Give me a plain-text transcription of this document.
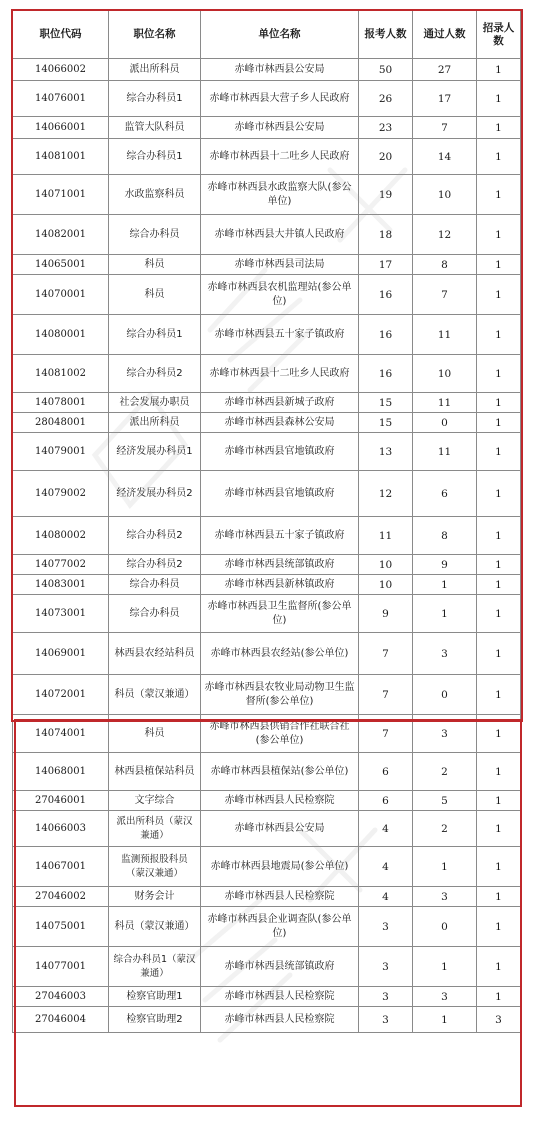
职位代码	职位名称	单位名称	报考人数	通过人数	招录人数
14066002	派出所科员	赤峰市林西县公安局	50	27	1
14076001	综合办科员1	赤峰市林西县大营子乡人民政府	26	17	1
14066001	监管大队科员	赤峰市林西县公安局	23	7	1
14081001	综合办科员1	赤峰市林西县十二吐乡人民政府	20	14	1
14071001	水政监察科员	赤峰市林西县水政监察大队(参公单位)	19	10	1
14082001	综合办科员	赤峰市林西县大井镇人民政府	18	12	1
14065001	科员	赤峰市林西县司法局	17	8	1
14070001	科员	赤峰市林西县农机监理站(参公单位)	16	7	1
14080001	综合办科员1	赤峰市林西县五十家子镇政府	16	11	1
14081002	综合办科员2	赤峰市林西县十二吐乡人民政府	16	10	1
14078001	社会发展办职员	赤峰市林西县新城子政府	15	11	1
28048001	派出所科员	赤峰市林西县森林公安局	15	0	1
14079001	经济发展办科员1	赤峰市林西县官地镇政府	13	11	1
14079002	经济发展办科员2	赤峰市林西县官地镇政府	12	6	1
14080002	综合办科员2	赤峰市林西县五十家子镇政府	11	8	1
14077002	综合办科员2	赤峰市林西县统部镇政府	10	9	1
14083001	综合办科员	赤峰市林西县新林镇政府	10	1	1
14073001	综合办科员	赤峰市林西县卫生监督所(参公单位)	9	1	1
14069001	林西县农经站科员	赤峰市林西县农经站(参公单位)	7	3	1
14072001	科员（蒙汉兼通）	赤峰市林西县农牧业局动物卫生监督所(参公单位)	7	0	1
14074001	科员	赤峰市林西县供销合作社联合社(参公单位)	7	3	1
14068001	林西县植保站科员	赤峰市林西县植保站(参公单位)	6	2	1
27046001	文字综合	赤峰市林西县人民检察院	6	5	1
14066003	派出所科员（蒙汉兼通）	赤峰市林西县公安局	4	2	1
14067001	监测预报股科员（蒙汉兼通）	赤峰市林西县地震局(参公单位)	4	1	1
27046002	财务会计	赤峰市林西县人民检察院	4	3	1
14075001	科员（蒙汉兼通）	赤峰市林西县企业调查队(参公单位)	3	0	1
14077001	综合办科员1（蒙汉兼通）	赤峰市林西县统部镇政府	3	1	1
27046003	检察官助理1	赤峰市林西县人民检察院	3	3	1
27046004	检察官助理2	赤峰市林西县人民检察院	3	1	3
